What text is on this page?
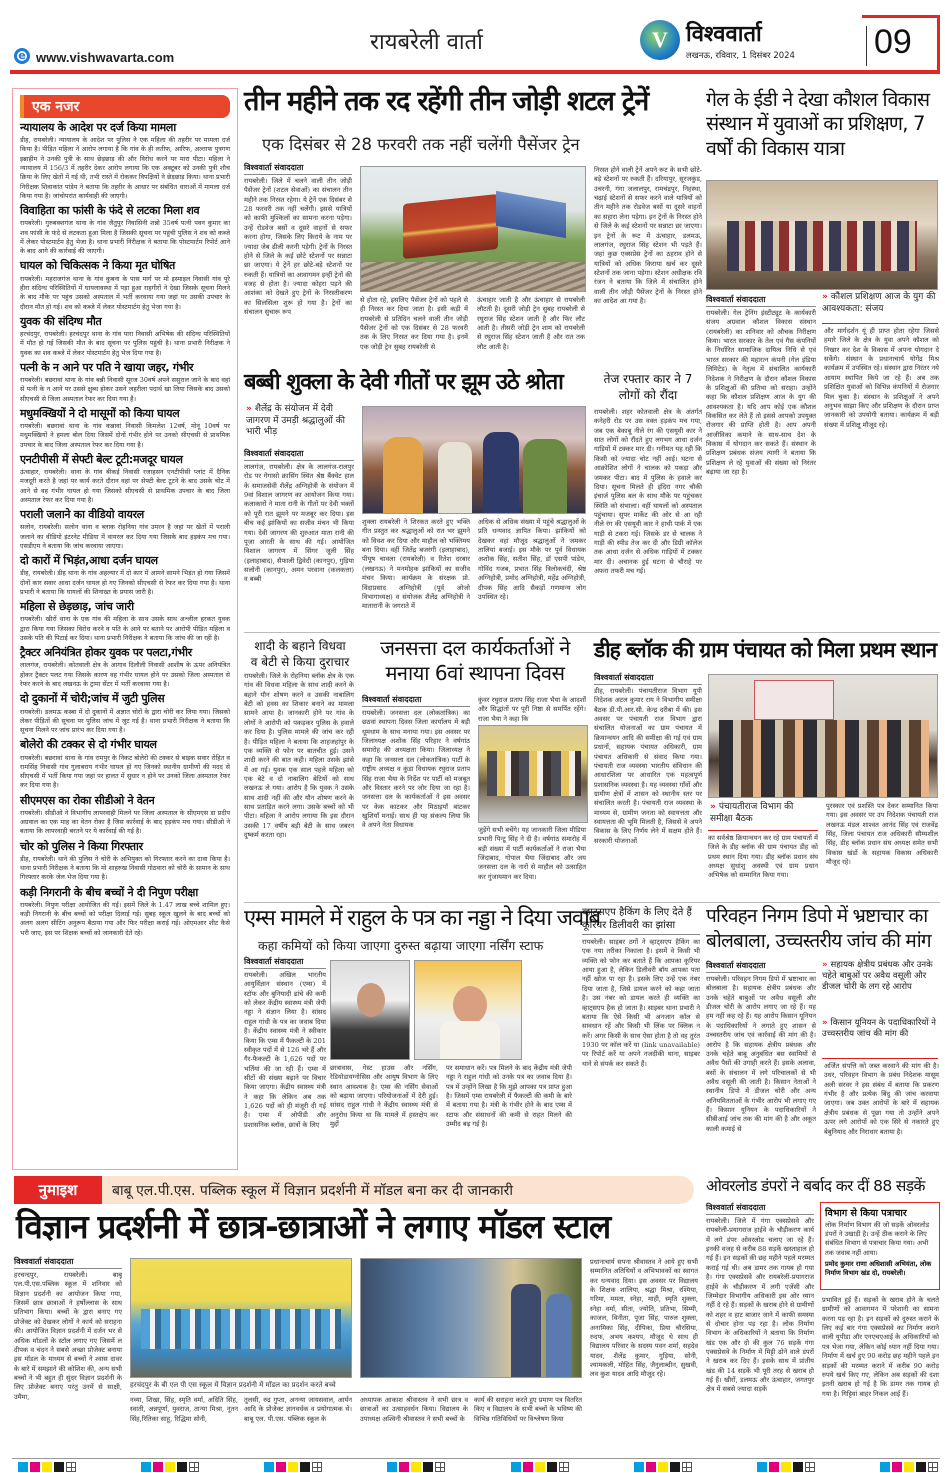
e www.vishwavarta.com
रायबरेली वार्ता	V विश्ववार्ता
लखनऊ, रविवार, 1 दिसंबर 2024 09
एक नजर
न्यायालय के आदेश पर दर्ज किया मामला

डीह, रायबरेली। न्यायालय के आदेश पर पुलिस ने एक महिला की तहरीर पर मामला दर्ज किया है। पीड़ित महिला ने आरोप लगाया है कि गांव के ही लतीफ, आरिफ, अल्ताफ पुत्रगण इब्राहीम ने उनकी पुत्री के साथ छेड़छाड़ की और विरोध करने पर मारा पीटा। महिला ने न्यायालय में 156/3 में तहरीर देकर आरोप लगाया कि एक अक्टूबर को उनकी पुत्री शौच क्रिया के लिए खेतों में गई थी, तभी रास्ते में रोककर विपक्षियों ने छेड़छाड़ किया। थाना प्रभारी निरीक्षक शिवाकांत पांडेय ने बताया कि तहरीर के आधार पर संबंधित धाराओं में मामला दर्ज किया गया है। जांचोपरांत कार्यवाही की जाएगी।

विवाहिता का फांसी के फंदे से लटका मिला शव

रायबरेली। गुरुबक्शगंज थाना के गांव जैतुपुर निवासिनी शन्नो 35वर्ष पत्नी पवन कुमार का शव फांसी के फंदे से लटकता हुआ मिला है जिसकी सूचना पर पहुंची पुलिस ने शव को कब्जे में लेकर पोस्टमार्टम हेतु भेजा है। थाना प्रभारी निरीक्षक ने बताया कि पोस्टमार्टम रिपोर्ट आने के बाद आगे की कार्रवाई की जाएगी।

घायल को चिकित्सक ने किया मृत घोषित

रायबरेली। महराजगंज थाना के गांव कुबना के पास मार्ग पर मो इस्माइल निवासी गांव पूरे हीरा संदिग्ध परिस्थितियों में घायलावस्था में पड़ा हुआ राहगीरों ने देखा जिसके सूचना मिलने के बाद मौके पर पहुंच उसको अस्पताल में भर्ती करवाया गया जहां पर उसकी उपचार के दौरान मौत हो गई। शव को कब्जे में लेकर पोस्टमार्टम हेतु भेजा गया है।

युवक की संदिग्ध मौत

हरचंदपुर, रायबरेली। हरचंदपुर थाना के गांव पारा निवासी अभिषेक की संदिग्ध परिस्थितियों में मौत हो गई जिसकी मौत के बाद सूचना पर पुलिस पहुंची है। थाना प्रभारी निरीक्षक ने युवक का शव कब्जे में लेकर पोस्टमार्टम हेतु भेज दिया गया है।

पत्नी के न आने पर पति ने खाया जहर, गंभीर

रायबरेली। बछरावां थाना के गांव बन्नी निवासी सूरज 30वर्ष अपने ससुराल जाने के बाद वहां से पत्नी के न आने पर उससे क्षुब्ध होकर उसने जहरीला पदार्थ खा लिया जिसके बाद उसको सीएचसी से जिला अस्पताल रेफर कर दिया गया है।

मधुमक्खियों ने दो मासूमों को किया घायल

रायबरेली। बछरावां थाना के गांव कन्नावां निवासी किमलेश 12वर्ष, मोनू 10वर्ष पर मधुमक्खियों ने हमला बोल दिया जिसमें दोनों गंभीर होने पर उनको सीएचसी से प्राथमिक उपचार के बाद जिला अस्पताल रेफर कर दिया गया है।

एनटीपीसी में सेफ्टी बेल्ट टूटी:मजदूर घायल

ऊंचाहार, रायबरेली। थाना के गांव बीकई निवासी रजाहसन एनटीपीसी प्लांट में दैनिक मजदूरी करते है जहां पर कार्य करते दौरान वहां पर सेफ्टी बेल्ट टूटने के बाद उसके चोट में आने से वह गंभीर घायल हो गया जिसको सीएचसी से प्राथमिक उपचार के बाद जिला अस्पताल रेफर कर दिया गया है।

पराली जलाने का वीडियो वायरल

सलोन, रायबरेली। सलोन थाना व ब्लाक रोहनिया गांव उमरन है जहां पर खेतों में पराली जलाने का वीडियो इंटरनेट मीडिया में वायरल कर दिया गया जिसके बाद हड़कंप मच गया। एसडीएम ने बताया कि जांच करवाया जाएगा।

दो कारों में भिड़ंत,आधा दर्जन घायल

डीह, रायबरेली। डीह थाना के गांव अहल्यार में दो कार में आमने सामने भिड़ंत हो गया जिसमें दोनों कार सवार आधा दर्जन घायल हो गए जिनको सीएचसी से रेफर कर दिया गया है। थाना प्रभारी ने बताया कि घायलों की शिनाख्त के प्रयास जारी है।

महिला से छेड़छाड़, जांच जारी

रायबरेली। खीरों थाना के एक गांव की महिला के साथ उसके साथ अश्लील हरकत युवक द्वारा किया गया जिसका विरोध करने व पति के आने पर बताने पर आरोपी पीड़ित महिला व उसके पति की पिटाई कर दिया। थाना प्रभारी निरीक्षक ने बताया कि जांच की जा रही है।

ट्रैक्टर अनियंत्रित होकर युवक पर पलटा,गंभीर

लालगंज, रायबरेली। कोतवाली क्षेत्र के आगाव दिलौली निवासी आशीष के ऊपर अनियंत्रित होकर ट्रैक्टर पलट गया जिसके कारण वह गंभीर घायल होने पर उसको जिला अस्पताल से रेफर करने के बाद लखनऊ के ट्रामा सेंटर में भर्ती करवाया गया है।

दो दुकानों में चोरी;जांच में जुटी पुलिस

रायबरेली। डलमऊ कस्बा में दो दुकानों में अज्ञात चोरों के द्वारा चोरी कर लिया गया। जिसको लेकर पीड़ितों की सूचना पर पुलिस जांच में जुट गई है। थाना प्रभारी निरीक्षक ने बताया कि सूचना मिलने पर जांच प्रारंभ कर दिया गया है।

बोलेरो की टक्कर से दो गंभीर घायल

रायबरेली। बछरावां थाना के गांव रामपुर के निकट बोलेरो की टक्कर से बाइक सवार रोहित व रामसिंह निवासी गांव गुलाबराय गंभीर घायल हो गए जिनको स्थानीय ग्रामीणों की मदद से सीएचसी में भर्ती किया गया जहां पर हालत में सुधार न होने पर उनको जिला अस्पताल रेफर कर दिया गया है।

सीएमएस का रोका सीडीओ ने वेतन

रायबरेली। सीडीओ ने विभागीय लापरवाही मिलने पर जिला अस्पताल के सीएमएस डा प्रदीप अग्रवाल का एक माह का वेतन रोका है जिस कार्रवाई के बाद हड़कंप मच गया। सीडीओ ने बताया कि लापरवाही बरतने पर ये कार्रवाई की गई है।

चोर को पुलिस ने किया गिरफ्तार

डीह, रायबरेली। थाने की पुलिस ने चोरी के अभियुक्त को गिरफ्तार करने का दावा किया है। थाना प्रभारी निरीक्षक ने बताया कि मो शाहरुख निवासी गोठवारा को चोरी के सामान के साथ गिरफ्तार करके जेल भेज दिया गया है।

कड़ी निगरानी के बीच बच्चों ने दी निपुण परीक्षा

रायबरेली। निपुण परीक्षा आयोजित की गई। इसमें जिले के 1.47 लाख बच्चे शामिल हुए। कड़ी निगरानी के बीच बच्चों को परीक्षा दिलाई गई। सुबह स्कूल खुलने के बाद बच्चों को अलग अलग सीटिंग अनुरूप बैठाया गया और फिर परीक्षा कराई गई। ओएमआर शीट कैसे भरी जाए, इस पर शिक्षक बच्चों को जानकारी देते रहे।

तीन महीने तक रद रहेंगी तीन जोड़ी शटल ट्रेनें
एक दिसंबर से 28 फरवरी तक नहीं चलेंगी पैसेंजर ट्रेन
विश्ववार्ता संवाददाता
रायबरेली। जिले में चलने वाली तीन जोड़ी पैसेंजर ट्रेनों (शटल सेवाओं) का संचालन तीन महीने तक निरस्त रहेगा। ये ट्रेनें एक दिसंबर से 28 फरवरी तक नहीं चलेंगी। इससे यात्रियों को काफी मुश्किलों का सामना करना पड़ेगा। उन्हें रोडवेज बसों व दूसरे वाहनों से सफर करना होगा, जिसके लिए किराये के नाम पर ज्यादा जेब ढीली करनी पड़ेगी। ट्रेनों के निरस्त होने से जिले के कई छोटे स्टेशनों पर सन्नाटा छा जाएगा। ये ट्रेनें हर छोटे-बड़े स्टेशनों पर रुकती हैं। यात्रियों का आवागमन इन्हीं ट्रेनों की वजह से होता है। ज्यादा कोहरा पड़ने की आशंका को देखते हुए ट्रेनों के निरस्तीकरण का सिलसिला शुरू हो गया है। ट्रेनों का संचालन सुचारू रूप
से होता रहे, इसलिए पैसेंजर ट्रेनों को पहले से ही निरस्त कर दिया जाता है। इसी कड़ी में रायबरेली से प्रतिदिन चलने वाली तीन जोड़ी पैसेंजर ट्रेनों को एक दिसंबर से 28 फरवरी तक के लिए निरस्त कर दिया गया है। इनमें एक जोड़ी ट्रेन सुबह रायबरेली से
ऊंचाहार जाती है और ऊंचाहार से रायबरेली लौटती है। दूसरी जोड़ी ट्रेन सुबह रायबरेली से रघुराज सिंह स्टेशन जाती है और फिर लौट आती है। तीसरी जोड़ी ट्रेन शाम को रायबरेली से रघुराज सिंह स्टेशन जाती है और रात तक लौट आती है।
निरस्त होने वाली ट्रेनें अपने रूट के सभी छोटे-बड़े स्टेशनों पर रुकती हैं। दरियापुर, सूरजकुंड, उचरनी, गंगा जलालपुर, रामचंद्रपुर, निहस्था, चढ़ाई स्टेशनों से सफर करने वाले यात्रियों को तीन महीने तक रोडवेज बसों या दूसरे वाहनों का सहारा लेना पड़ेगा। इन ट्रेनों के निरस्त होने से जिले के कई स्टेशनों पर सन्नाटा छा जाएगा। इन ट्रेनों के रूट में ऊंचाहार, डलमऊ, लालगंज, रघुराज सिंह स्टेशन भी पड़ते हैं। जहां कुछ एक्सप्रेस ट्रेनों का ठहराव होने से यात्रियों को अधिक किराया खर्च कर दूसरे स्टेशनों तक जाना पड़ेगा। स्टेशन अधीक्षक रवि रंजन ने बताया कि जिले में संचालित होने वाली तीन जोड़ी पैसेंजर ट्रेनों के निरस्त होने का आदेश आ गया है।
गेल के ईडी ने देखा कौशल विकास संस्थान में युवाओं का प्रशिक्षण, 7 वर्षों की विकास यात्रा
विश्ववार्ता संवाददाता
रायबरेली। गेल ट्रेनिंग इंस्टीट्यूट के कार्यकारी संजय अग्रवाल कौशल विकास संस्थान (रायबरेली) का शनिवार को औचक निरीक्षण किया। भारत सरकार के तेल एवं गैस कंपनियों के निर्धारित सामाजिक दायित्व निधि से एवं भारत सरकार की महारत्न कंपनी (गेल इंडिया लिमिटेड) के नेतृत्व में संचालित कार्यकारी निदेशक ने निरीक्षण के दौरान कौशल विकास के प्रशिक्षुओं की प्रतिभा को सराहा। उन्होंने कहा कि कौशल प्रशिक्षण आज के युग की आवश्यकता है। यदि आप कोई एक कौशल विकसित कर लेते हैं तो इससे आपको उपयुक्त रोजगार की प्राप्ति होती है। आप अपनी आजीविका कमाने के साथ-साथ देश के विकास में योगदान कर सकते हैं। संस्थान के प्रशिक्षण प्रबंधक संजय त्यागी ने बताया कि प्रशिक्षण ले रहे युवाओं की संख्या को निरंतर बढ़ाया जा रहा है।
» कौशल प्रशिक्षण आज के युग की आवश्यकता: संजय
और मार्गदर्शन यूं ही प्राप्त होता रहेगा जिससे हमारे जिले के क्षेत्र के युवा अपने कौशल को निखार कर देश के विकास में अपना योगदान दे सकेंगे। संस्थान के प्रधानाचार्य योगेंद्र मिश्र कार्यक्रम में उपस्थित रहे। संस्थान द्वारा निरंतर नये आयाम स्थापित किये जा रहे हैं। अब तक प्रशिक्षित युवाओं को विभिन्न कंपनियों में रोजगार मिल चुका है। संस्थान के प्रशिक्षुओं ने अपने अनुभव साझा किए और प्रशिक्षण के दौरान प्राप्त जानकारी को उपयोगी बताया। कार्यक्रम में बड़ी संख्या में प्रशिक्षु मौजूद रहे।
बब्बी शुक्ला के देवी गीतों पर झूम उठे श्रोता
» शैलेंद्र के संयोजन में देवी जागरण में उमड़ी श्रद्धालुओं की भारी भीड़
विश्ववार्ता संवाददाता
लालगंज, रायबरेली। क्षेत्र के लालगंज-रालपुर रोड पर गेगासो क्रासिंग स्थित श्रेष्ठ बैंक्वेट हाल के समाजसेवी शैलेंद्र अग्निहोत्री के संयोजन में 9वां विशाल जागरण का आयोजन किया गया। कलाकारों ने माता रानी के गीतों पर देवी भक्तों को पूरी रात झूमने पर मजबूर कर दिया। इस बीच कई झांकियों का सजीव मंचन भी किया गया। देवी जागरण की शुरुआत माता रानी की पूजा आरती के साथ की गई। आयोजित विशाल जागरण में सिंगर जूली सिंह (इलाहाबाद), सैफाली द्विवेदी (कानपुर), गुड़िया सलोनी (कानपुर), अमन परवाना (कलकत्ता) व बब्बी
शुक्ला रायबरेली ने शिरकत करते हुए भक्ति गीत प्रस्तुत कर श्रद्धालुओं को रात भर झूमने को विवश कर दिया और माहौल को भक्तिमय बना दिया। वहीं जितेंद्र बजरंगी (इलाहाबाद), पीयूष चावला (रायबरेली) व रितेश दरबार (लखनऊ) ने मनमोहक झांकियों का सजीव मंचन किया। कार्यक्रम के संरक्षक प्रो. विंदाप्रसाद अग्निहोत्री (पूर्व ओजो विभागाध्यक्ष) व संयोजक शैलेंद्र अग्निहोत्री ने मातारानी के जगराते में
अधिक से अधिक संख्या में पहुंचे श्रद्धालुओं के प्रति धन्यवाद ज्ञापित किया। झांकियों को देखकर वहां मौजूद श्रद्धालुओं ने जमकर तालियां बजाई। इस मौके पर पूर्व विधायक अशोक सिंह, सतीश सिंह, डॉ एसपी पांडेय, गोविंद गजब, प्रभात सिंह त्रिलोकचंदी, श्रेष्ठ अग्निहोत्री, प्रमोद अग्निहोत्री, महेंद्र अग्निहोत्री, दीपक सिंह आदि सैकड़ों गणमान्य लोग उपस्थित रहे।
तेज रफ्तार कार ने 7 लोगों को रौंदा
रायबरेली। शहर कोतवाली क्षेत्र के अंतर्गत कनेहरी रोड पर उस वक्त हड़कंप मच गया, जब एक बेकाबू नीले रंग की एसयूवी कार ने सात लोगों को रौंदते हुए लगभग आधा दर्जन गाड़ियों में टक्कर मार दी। गनीमत यह रही कि किसी को ज्यादा चोट नहीं आई। घटना से आक्रोशित लोगों ने चालक को पकड़ा और जमकर पीटा। बाद में पुलिस के हवाले कर दिया। सूचना मिलते ही इंदिरा नगर चौकी इंचार्ज पुलिस बल के साथ मौके पर पहुंचकर स्थिति को संभाला। वहीं घायलों को अस्पताल पहुंचाया। सुपर मार्केट की ओर से आ रही नीले रंग की एसयूवी कार ने हाथी पार्क में एक गाड़ी से टकरा गई। जिसके डर से चालक ने गाड़ी की स्पीड तेज कर दी और डिग्री कॉलेज तक आधा दर्जन से अधिक गाड़ियों में टक्कर मार दी। अचानक हुई घटना से चौराहे पर अफरा तफरी मच गई।
शादी के बहाने विधवा व बेटी से किया दुराचार
रायबरेली। जिले के रोहनिया ब्लॉक क्षेत्र के एक गांव की विधवा महिला के साथ शादी करने के बहाने यौन शोषण करने व उसकी नाबालिग बेटी को हवस का शिकार बनाने का मामला सामने आया है। जानकारी होने पर गांव के लोगों ने आरोपी को पकड़कर पुलिस के हवाले कर दिया है। पुलिस मामले की जांच कर रही है। पीड़ित महिला ने बताया कि शाहजहांपुर के एक व्यक्ति से फोन पर बातचीत हुई। उसने शादी करने की बात कही। महिला उसके झांसे में आ गई। युवक एक साल पहले महिला को एक बेटे व दो नाबालिग बेटियों को साथ लखनऊ ले गया। आरोप है कि युवक ने उसके साथ शादी नहीं की और यौन शोषण करने के साथ प्रताड़ित करने लगा। उसके बच्चों को भी पीटा। महिला ने आरोप लगाया कि इस दौरान उसकी 17 वर्षीय बड़ी बेटी के साथ जबरन दुष्कर्म करता रहा।
जनसत्ता दल कार्यकर्ताओं ने मनाया 6वां स्थापना दिवस
विश्ववार्ता संवाददाता
रायबरेली। जनसत्ता दल (लोकतांत्रिक) का छठवां स्थापना दिवस जिला कार्यालय में बड़ी धूमधाम के साथ मनाया गया। इस अवसर पर जिलाध्यक्ष अशोक सिंह परिहार ने वर्षगांठ समारोह की अध्यक्षता किया। जिलाध्यक्ष ने कहा कि जनसत्ता दल (लोकतांत्रिक) पार्टी के राष्ट्रीय अध्यक्ष व कुंडा विधायक रघुराज प्रताप सिंह राजा भैया के निर्देश पर पार्टी को मजबूत और विस्तार करने पर जोर दिया जा रहा है। जनसत्ता दल के कार्यकर्ताओं ने इस अवसर पर केक काटकर और मिठाइयाँ बांटकर खुशियाँ मनाई। साथ ही यह संकल्प लिया कि वे अपने नेता विधायक
कुंवर रघुराज प्रताप सिंह राजा भैया के आदर्शों और सिद्धांतों पर पूरी निष्ठा से समर्पित रहेंगे। राजा भैया ने कहा कि
जुड़ेंगे सभी बचेंगे। यह जानकारी जिला मीडिया प्रभारी पिन्टू सिंह ने दी है। वर्षगांठ समारोह में बड़ी संख्या में पार्टी कार्यकर्ताओं ने राजा भैया जिंदाबाद, गोपाल भैया जिंदाबाद और जय जनसत्ता दल के नारों से माहौल को उत्साहित कर गुंजायमान कर दिया।
डीह ब्लॉक की ग्राम पंचायत को मिला प्रथम स्थान
विश्ववार्ता संवाददाता
डीह, रायबरेली। पंचायतीराज विभाग यूपी निदेशक अटल कुमार राय ने विभागीय समीक्षा बैठक डी.पी.आर.सी. केन्द्र दरीबा में की। इस अवसर पर पंचायती राज विभाग द्वारा संचालित योजनाओं का ग्राम पंचायत में क्रियान्वयन आदि की समीक्षा की गई एवं ग्राम प्रधानों, सहायक पंचायत अधिकारी, ग्राम पंचायत अधिकारी से संवाद किया गया। पंचायती राज व्यवस्था भारतीय संविधान की आधारशिला पर आधारित एक महत्वपूर्ण प्रशासनिक व्यवस्था है। यह व्यवस्था गाँवों और ग्रामीण क्षेत्रों में शासन को स्थानीय स्तर पर संचालित करती है। पंचायती राज व्यवस्था के माध्यम से, ग्रामीण जनता को स्वायत्तता और स्वायत्तता की भूमि मिलती है, जिससे वे अपने विकास के लिए निर्णय लेने में सक्षम होते हैं। सरकारी योजनाओं
» पंचायतीराज विभाग की समीक्षा बैठक
का सर्वश्रेष्ठ क्रियान्वयन कर रहे ग्राम पंचायतों में जिले के डीह ब्लॉक की ग्राम पंचायत डीह को प्रथम स्थान दिया गया। डीह ब्लॉक प्रधान संघ अध्यक्ष सुधांशु अवस्थी एवं ग्राम प्रधान अभिषेक को सम्मानित किया गया।
पुरस्कार एवं प्रशस्ति पत्र देकर सम्मानित किया गया। इस अवसर पर उप निदेशक पंचायती राज लखनऊ मंडल शाश्वत आनंद सिंह एवं राजवेंद्र सिंह, जिला पंचायत राज अधिकारी सौम्यशील सिंह, डीह ब्लॉक प्रधान संघ अध्यक्ष समेत सभी विकास खंडों के सहायक विकास अधिकारी मौजूद रहे।
एम्स मामले में राहुल के पत्र का नड्डा ने दिया जवाब
कहा कमियों को किया जाएगा दुरुस्त बढ़ाया जाएगा नर्सिंग स्टाफ
विश्ववार्ता संवाददाता
रायबरेली। अखिल भारतीय आयुर्विज्ञान संस्थान (एम्स) में स्टॉफ और बुनियादी ढांचे की कमी को लेकर केंद्रीय स्वास्थ्य मंत्री जेपी नड्डा ने संज्ञान लिया है। सांसद राहुल गांधी के पत्र का जवाब दिया है। केंद्रीय स्वास्थ्य मंत्री ने स्वीकार किया कि एम्स में फैकल्टी के 201 स्वीकृत पदों में से 126 भरे हैं और गैर-फैकल्टी के 1,626 पदों पर भर्तियां की जा रही हैं। एम्स में सीटों की संख्या बढ़ाने पर विचार किया जाएगा। केंद्रीय स्वास्थ्य मंत्री ने कहा कि लेकिन अब तक 1,626 पदों को ही मंजूरी दी गई है। एम्स में ओपीडी और प्रशासनिक ब्लॉक, छात्रों के लिए
छात्रावास, गेस्ट हाउस और नर्सिंग, रेडियोडायग्नोसिस और आयुष विभाग के लिए स्थान आवश्यक है। एम्स की नर्सिंग सेवाओं को बढ़ाया जाएगा। परियोजनाओं में देरी हुई। सांसद राहुल गांधी ने केंद्रीय स्वास्थ्य मंत्री से अनुरोध किया था कि मामले में हस्तक्षेप कर मुद्दों
पर समाधान करें। पत्र मिलने के बाद केंद्रीय मंत्री जेपी नड्डा ने राहुल गांधी को उनके पत्र का जवाब दिया है। पत्र में उन्होंने लिखा है कि मुझे आपका पत्र प्राप्त हुआ है। जिसमें एम्स रायबरेली में फैकल्टी की कमी के बारे में बताया गया है। मंत्री के गंभीर होने के बाद एम्स में स्टाफ और संसाधनों की कमी से राहत मिलने की उम्मीद बढ़ गई है।
व्हाट्सएप हैकिंग के लिए देते हैं कूरियर डिलीवरी का झांसा
रायबरेली। साइबर ठगों ने व्हाट्सएप हैकिंग का एक नया तरीका निकाला है। इसमें वे किसी भी व्यक्ति को फोन कर बताते हैं कि आपका कूरियर आया हुआ है, लेकिन डिलीवरी बॉय आपका पता नहीं खोज पा रहा है। इसके लिए उन्हें एक नंबर दिया जाता है, जिसे डायल करने को कहा जाता है। उस नंबर को डायल करते ही व्यक्ति का व्हाट्सएप हैक हो जाता है। साइबर थाना प्रभारी ने बताया कि ऐसे किसी भी अनजान कॉल से सावधान रहें और किसी भी लिंक पर क्लिक न करें। अगर किसी के साथ ऐसा होता है तो वह तुरंत 1930 पर कॉल करें या (link unavailable) पर रिपोर्ट करें या अपने नजदीकी थाना, साइबर थाने से संपर्क कर सकते हैं।
परिवहन निगम डिपो में भ्रष्टाचार का बोलबाला, उच्चस्तरीय जांच की मांग
विश्ववार्ता संवाददाता
रायबरेली। परिवहन निगम डिपो में भ्रष्टाचार का बोलबाला है। सहायक क्षेत्रीय प्रबंधक और उनके चहेते बाबुओं पर अवैध वसूली और डीजल चोरी के आरोप लगाए जा रहे हैं। यह हम नहीं कह रहे हैं। यह आरोप किसान यूनियन के पदाधिकारियों ने लगाते हुए शासन से उच्चस्तरीय जांच एवं कार्रवाई की मांग की है। आरोप है कि सहायक क्षेत्रीय प्रबंधक और उनके चहेते बाबू अनुबंधित बस स्वामियों से अवैध पैसों की उगाही करते हैं। इसके अलावा, बसों के संचालन में लगे परिचालकों से भी अवैध वसूली की जाती है। किसान नेताओं ने स्थानीय डिपो में डीजल चोरी और अन्य अनियमितताओं के गंभीर आरोप भी लगाए गए हैं। किसान यूनियन के पदाधिकारियों ने सीबीआई जांच तक की मांग की है और अकूत काली कमाई से
» सहायक क्षेत्रीय प्रबंधक और उनके चहेते बाबुओं पर अवैध वसूली और डीजल चोरी के लग रहे आरोप
» किसान यूनियन के पदाधिकारियों ने उच्चस्तरीय जांच की मांग की
अर्जित संपत्ति को जब्त करवाने की मांग की है। उधर, परिवहन विभाग के प्रबंध निदेशक मासूम अली सरवर ने इस संबंध में बताया कि प्रकरण गंभीर है और प्रत्येक बिंदु की जांच करवाया जाएगा। जब उक्त आरोपों के बारे में सहायक क्षेत्रीय प्रबंधक से पूछा गया तो उन्होंने अपने ऊपर लगे आरोपों को एक सिरे से नकारते हुए बेबुनियाद और निराधार बताया है।
नुमाइश	बाबू एल.पी.एस. पब्लिक स्कूल में विज्ञान प्रदर्शनी में मॉडल बना कर दी जानकारी
विज्ञान प्रदर्शनी में छात्र-छात्राओं ने लगाए मॉडल स्टाल
विश्ववार्ता संवाददाता
हरचन्दपुर, रायबरेली। बाबू एल.पी.एस.पब्लिक स्कूल में शनिवार को विज्ञान प्रदर्शनी का आयोजन किया गया, जिसमें छात्र छात्राओं ने हर्षोल्लास के साथ प्रतिभाग किया। बच्चों के द्वारा बनाए गए प्रोजेक्ट को देखकर लोगों ने कार्य को सराहना की। आयोजित विज्ञान प्रदर्शनी में दर्जन भर से अधिक मॉडलों के स्टॉल लगाए गए जिसमें ल दीपक व चंदन ने सबसे अच्छा प्रोजेक्ट बनाया इस मॉडल के माध्यम से बच्चों ने श्वास दावर के बारे में समझाने की कोशिश की, अन्य सभी बच्चों ने भी बहुत ही सुंदर विज्ञान प्रदर्शनी के लिए प्रोजेक्ट बनाए परंतु उनमें से साक्षी, उमैमा,
हरचंदपुर के बी एल पी एस स्कूल में विज्ञान प्रदर्शनी में मॉडल का प्रदर्शन करते बच्चे
नव्या, शिखा, सिंह, स्मृति वर्मा, अदिति सिंह, स्वाती, अन्नपूर्णा, युवराज, तान्या मिश्रा, नूतन सिंह,रितिका साहू, रिद्धिमा सोनी,
तुलसी, रुद्र गुप्ता, अनन्या जायसवाल, आर्यन आदि के प्रोजेक्ट ज्ञानवर्धक व प्रयोगात्मक थे। बाबू एल. पी.एस. पब्लिक स्कूल के
अध्यापक आकाश श्रीवास्तव ने सभी छात्र व छात्राओं का उत्साहवर्धन किया। विद्यालय के उपाध्यक्ष अश्विनी श्रीवास्तव ने सभी बच्चों के
कार्य की सराहना करते हुए प्रमाण पत्र वितरित किए व विद्यालय के सभी बच्चों के भविष्य की विभिन्न गतिविधियों पर विश्लेषण किया
प्रधानाचार्य सपना श्रीवास्तव ने आये हुए सभी सम्मानित अतिथियों व अभिभावकों का स्वागत कर धन्यवाद दिया। इस अवसर पर विद्यालय के शिक्षक शालिया, श्रद्धा मिश्रा, रश्मिया, गरिमा, ममता, स्नेहा, माही, स्मृति शुक्ला, स्नेहा वर्मा, सीता, ज्योति, प्रतिभा, सिम्मी, काजल, विनीता, पूजा सिंह, पारुल शुक्ला, अनामिका सिंह, दीपिका, प्रिया चौरसिया, रुदफ, अभय कश्यप, मौजूद थे साथ ही विद्यालय परिवार के सदस्य पवन शर्मा, सहदेव यादव, शैलेंद्र कुमार, गुड़िया, सोनी, श्यामकली, मोहित सिंह, जैनुलाब्दीन, सुखवी, लव कुश यादव आदि मौजूद रहे।
ओवरलोड डंपरों ने बर्बाद कर दीं 88 सड़कें
विश्ववार्ता संवाददाता
रायबरेली। जिले में गंगा एक्सप्रेसवे और रायबरेली-प्रयागराज हाईवे के चौड़ीकरण कार्य में लगे डंपर ओवरलोड चलाए जा रहे हैं। इनकी वजह से करीब 88 सड़कें खस्ताहाल हो गई हैं। इन सड़कों की छह महीने पहले मरम्मत कराई गई थी। अब डामर तक गायब हो गया है। गंगा एक्सप्रेसवे और रायबरेली-प्रयागराज हाईवे के चौड़ीकरण में लगी एजेंसी और जिम्मेदार विभागीय अधिकारी इस ओर ध्यान नहीं दे रहे हैं। सड़कों के खराब होने से ग्रामीणों को शहर व हाट बाजार जाने में काफी समस्या से दोचार होना पड़ रहा है। लोक निर्माण विभाग के अधिकारियों ने बताया कि निर्माण खंड एक और दो की कुल 76 सड़कें गंगा एक्सप्रेसवे के निर्माण में मिट्टी ढोने वाले डंपरों ने खराब कर दिए हैं। इसके साथ में प्रांतीय खंड की 14 सड़कें भी पूरी तरह से खराब हो गई हैं। खीरों, डलमऊ और ऊंचाहार, जगतपुर क्षेत्र में सबसे ज्यादा सड़कें
विभाग से किया पत्राचार
लोक निर्माण विभाग की जो सड़कें ओवरलोड डंपरों ने उखाड़ी है। उन्हें ठीक कराने के लिए संबंधित विभाग से पत्राचार किया गया। अभी तक जवाब नहीं आया।
प्रमोद कुमार राणा अधिशासी अभियंता, लोक निर्माण विभाग खंड दो, रायबरेली।
प्रभावित हुई हैं। सड़कों के खराब होने के चलते ग्रामीणों को आवागमन में परेशानी का सामना करना पड़ रहा है। इन सड़कों को दुरुस्त कराने के लिए कई बार गंगा एक्सप्रेसवे का निर्माण कराने वाली यूपीडा और एनएचएआई के अधिकारियों को पत्र भेजा गया, लेकिन कोई ध्यान नहीं दिया गया। निर्माण में खर्च हुए 90 करोड़ छह महीने पहले इन सड़कों की मरम्मत कराने में करीब 90 करोड़ रुपये खर्च किए गए, लेकिन अब सड़कों की दशा इतनी खराब हो गई है कि डामर तक गायब हो गया है। गिट्टियां बाहर निकल आई हैं।
